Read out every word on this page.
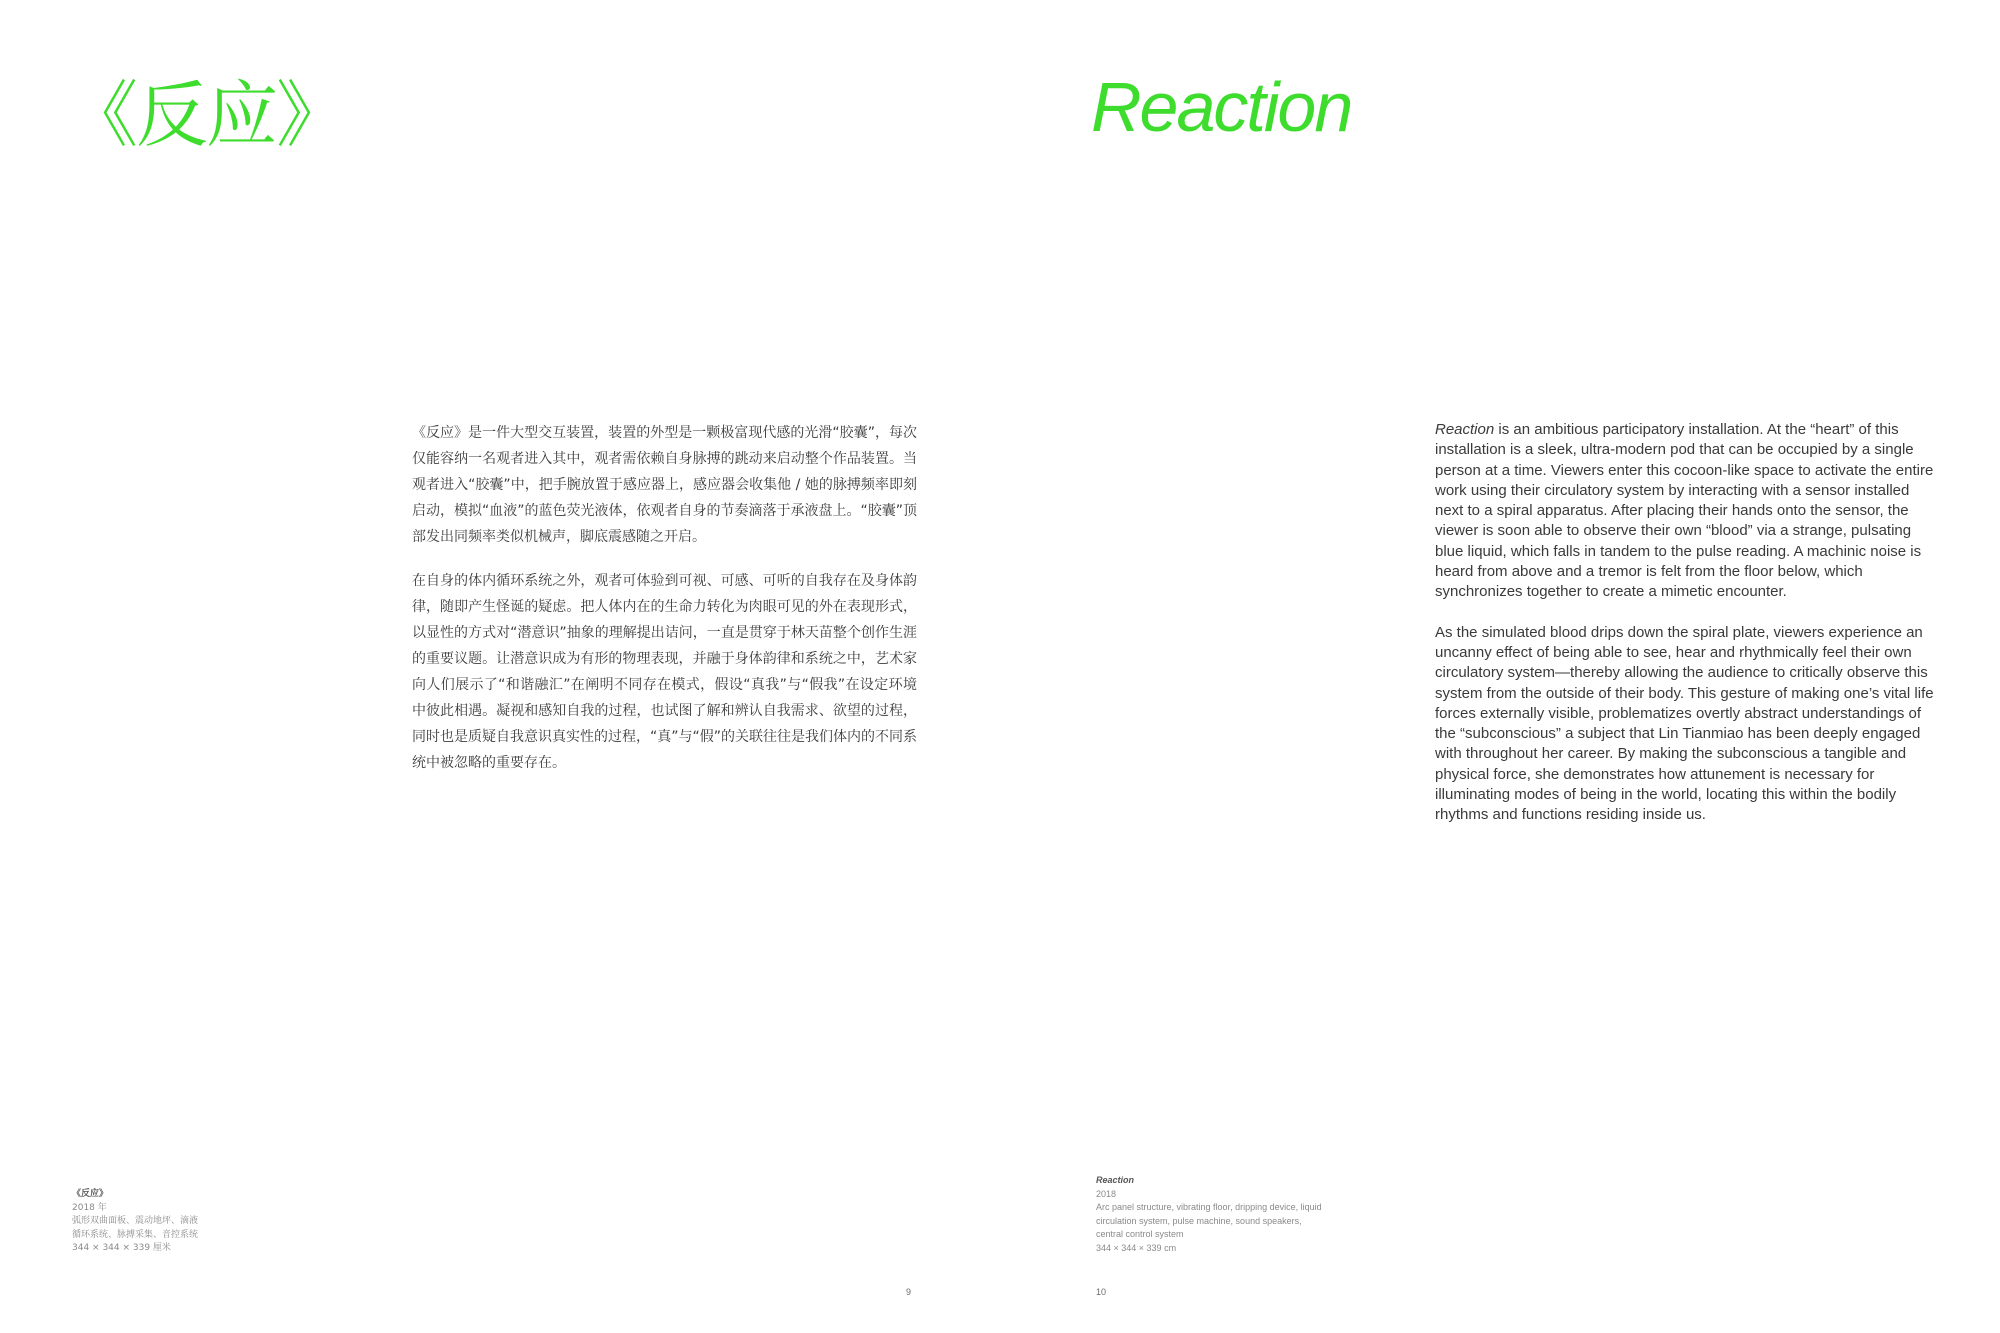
《反应》

《反应》是一件大型交互装置，装置的外型是一颗极富现代感的光滑“胶囊”，每次仅能容纳一名观者进入其中，观者需依赖自身脉搏的跳动来启动整个作品装置。当观者进入“胶囊”中，把手腕放置于感应器上，感应器会收集他 / 她的脉搏频率即刻启动，模拟“血液”的蓝色荧光液体，依观者自身的节奏滴落于承液盘上。“胶囊”顶部发出同频率类似机械声，脚底震感随之开启。

在自身的体内循环系统之外，观者可体验到可视、可感、可听的自我存在及身体韵律，随即产生怪诞的疑虑。把人体内在的生命力转化为肉眼可见的外在表现形式，以显性的方式对“潜意识”抽象的理解提出诘问，一直是贯穿于林天苗整个创作生涯的重要议题。让潜意识成为有形的物理表现，并融于身体韵律和系统之中，艺术家向人们展示了“和谐融汇”在阐明不同存在模式，假设“真我”与“假我”在设定环境中彼此相遇。凝视和感知自我的过程，也试图了解和辨认自我需求、欲望的过程，同时也是质疑自我意识真实性的过程，“真”与“假”的关联往往是我们体内的不同系统中被忽略的重要存在。

《反应》
2018 年
弧形双曲面板、震动地坪、滴液
循环系统、脉搏采集、音控系统
344 × 344 × 339 厘米
9
Reaction

Reaction is an ambitious participatory installation. At the “heart” of this installation is a sleek, ultra-modern pod that can be occupied by a single person at a time. Viewers enter this cocoon-like space to activate the entire work using their circulatory system by interacting with a sensor installed next to a spiral apparatus. After placing their hands onto the sensor, the viewer is soon able to observe their own “blood” via a strange, pulsating blue liquid, which falls in tandem to the pulse reading. A machinic noise is heard from above and a tremor is felt from the floor below, which synchronizes together to create a mimetic encounter.

As the simulated blood drips down the spiral plate, viewers experience an uncanny effect of being able to see, hear and rhythmically feel their own circulatory system—thereby allowing the audience to critically observe this system from the outside of their body. This gesture of making one’s vital life forces externally visible, problematizes overtly abstract understandings of the “subconscious” a subject that Lin Tianmiao has been deeply engaged with throughout her career. By making the subconscious a tangible and physical force, she demonstrates how attunement is necessary for illuminating modes of being in the world, locating this within the bodily rhythms and functions residing inside us.

Reaction
2018
Arc panel structure, vibrating floor, dripping device, liquid
circulation system, pulse machine, sound speakers,
central control system
344 × 344 × 339 cm
10
